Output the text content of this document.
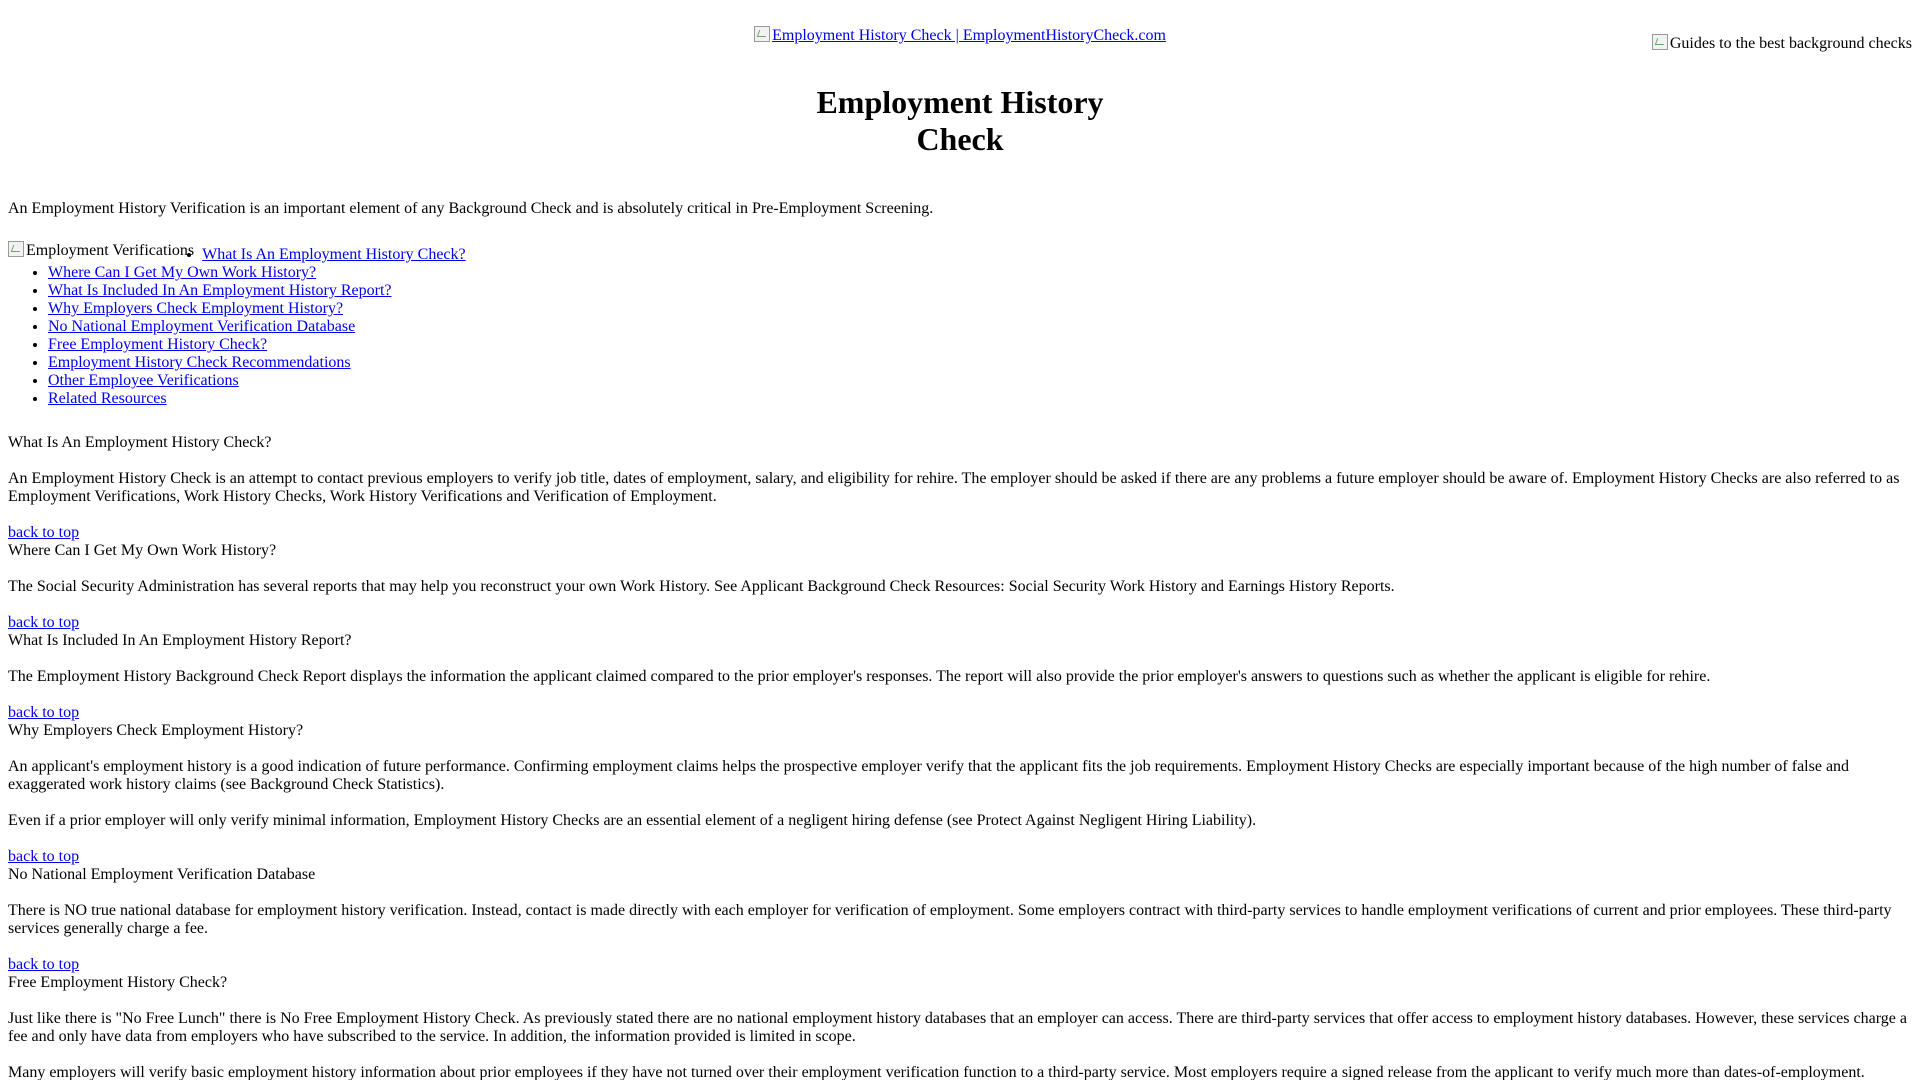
Guides to the best background checks
Employment History Check | EmploymentHistoryCheck.com
Employment History Check

An Employment History Verification is an important element of any Background Check and is absolutely critical in Pre-Employment Screening.

Employment Verifications
• What Is An Employment History Check?
• Where Can I Get My Own Work History?
• What Is Included In An Employment History Report?
• Why Employers Check Employment History?
• No National Employment Verification Database
• Free Employment History Check?
• Employment History Check Recommendations
• Other Employee Verifications
• Related Resources
What Is An Employment History Check?

An Employment History Check is an attempt to contact previous employers to verify job title, dates of employment, salary, and eligibility for rehire. The employer should be asked if there are any problems a future employer should be aware of. Employment History Checks are also referred to as Employment Verifications, Work History Checks, Work History Verifications and Verification of Employment.

back to top
Where Can I Get My Own Work History?

The Social Security Administration has several reports that may help you reconstruct your own Work History. See Applicant Background Check Resources: Social Security Work History and Earnings History Reports.

back to top
What Is Included In An Employment History Report?

The Employment History Background Check Report displays the information the applicant claimed compared to the prior employer's responses. The report will also provide the prior employer's answers to questions such as whether the applicant is eligible for rehire.

back to top
Why Employers Check Employment History?

An applicant's employment history is a good indication of future performance. Confirming employment claims helps the prospective employer verify that the applicant fits the job requirements. Employment History Checks are especially important because of the high number of false and exaggerated work history claims (see Background Check Statistics).

Even if a prior employer will only verify minimal information, Employment History Checks are an essential element of a negligent hiring defense (see Protect Against Negligent Hiring Liability).

back to top
No National Employment Verification Database

There is NO true national database for employment history verification. Instead, contact is made directly with each employer for verification of employment. Some employers contract with third-party services to handle employment verifications of current and prior employees. These third-party services generally charge a fee.

back to top
Free Employment History Check?

Just like there is "No Free Lunch" there is No Free Employment History Check. As previously stated there are no national employment history databases that an employer can access. There are third-party services that offer access to employment history databases. However, these services charge a fee and only have data from employers who have subscribed to the service. In addition, the information provided is limited in scope.

Many employers will verify basic employment history information about prior employees if they have not turned over their employment verification function to a third-party service. Most employers require a signed release from the applicant to verify much more than dates-of-employment.
